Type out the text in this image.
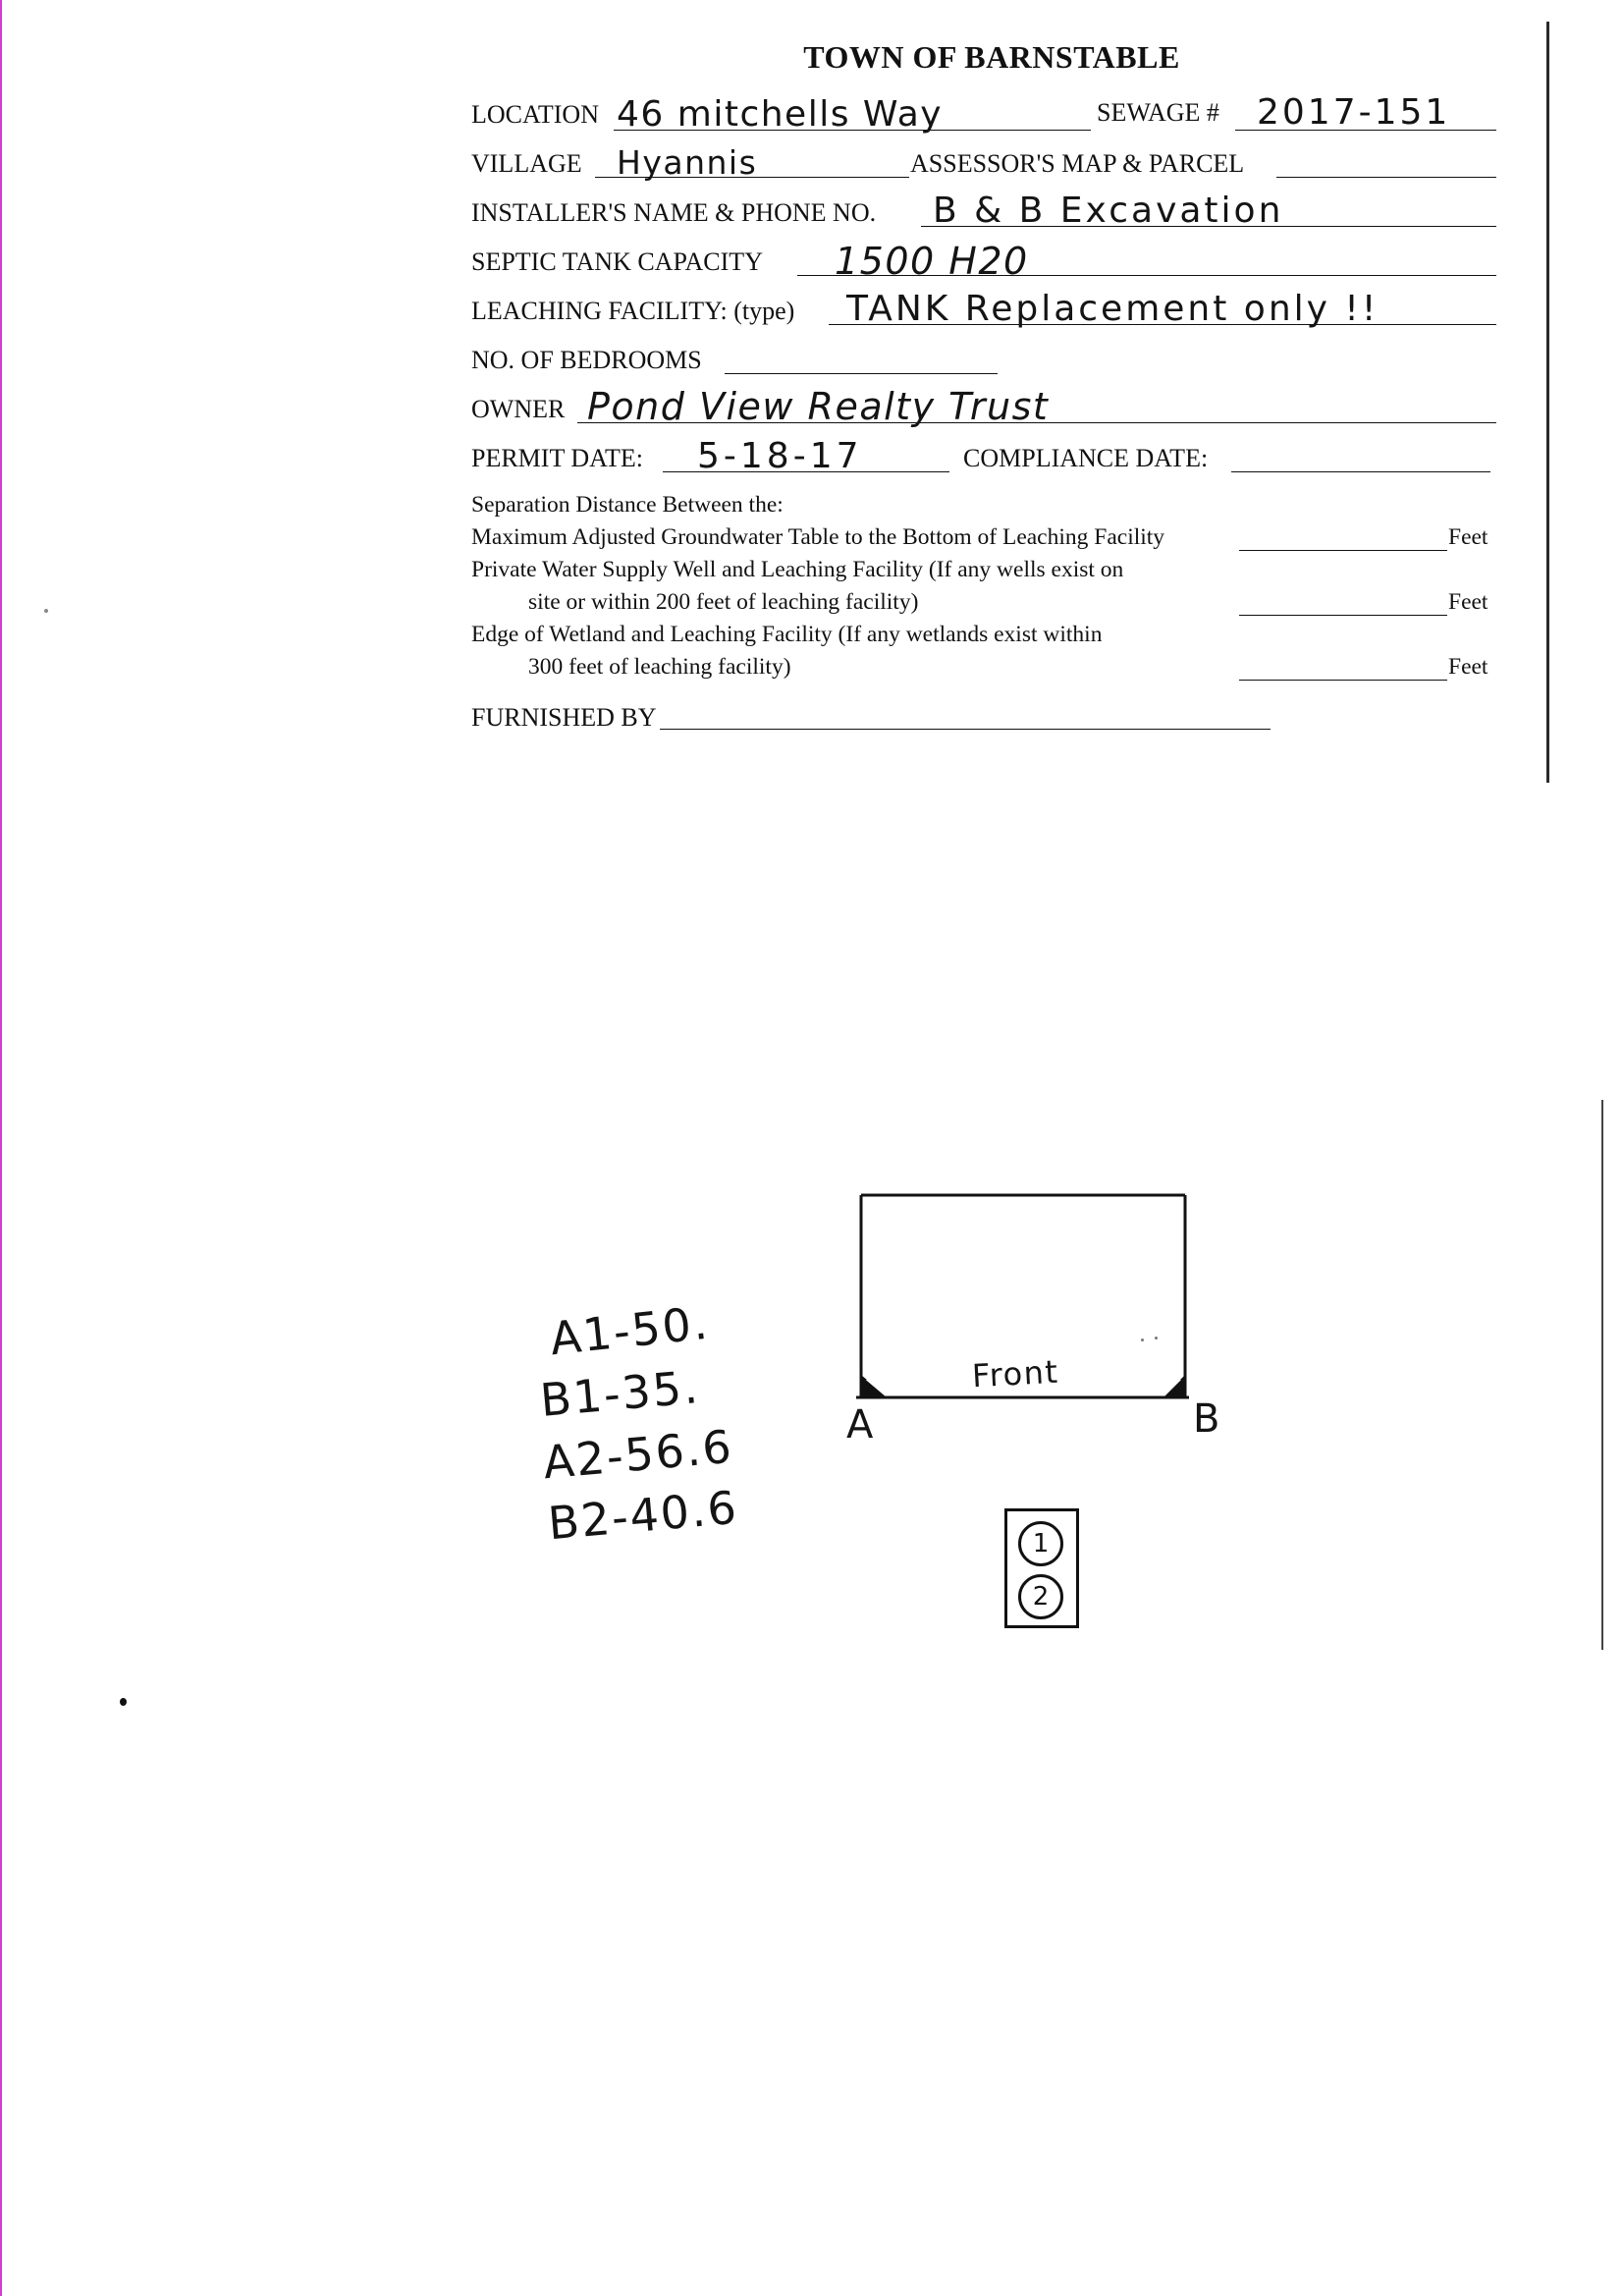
TOWN OF BARNSTABLE
LOCATION 46 mitchells Way	SEWAGE # 2017-151
VILLAGE Hyannis	ASSESSOR'S MAP & PARCEL
INSTALLER'S NAME & PHONE NO. B & B Excavation
SEPTIC TANK CAPACITY 1500 H20
LEACHING FACILITY: (type) TANK Replacement only !!
NO. OF BEDROOMS
OWNER Pond View Realty Trust
PERMIT DATE: 5-18-17	COMPLIANCE DATE:
Separation Distance Between the:
Maximum Adjusted Groundwater Table to the Bottom of Leaching Facility	Feet
Private Water Supply Well and Leaching Facility (If any wells exist on
site or within 200 feet of leaching facility)	Feet
Edge of Wetland and Leaching Facility (If any wetlands exist within
300 feet of leaching facility)	Feet
FURNISHED BY
A1-50.
B1-35.
A2-56.6
B2-40.6
Front
A	B
1
2
